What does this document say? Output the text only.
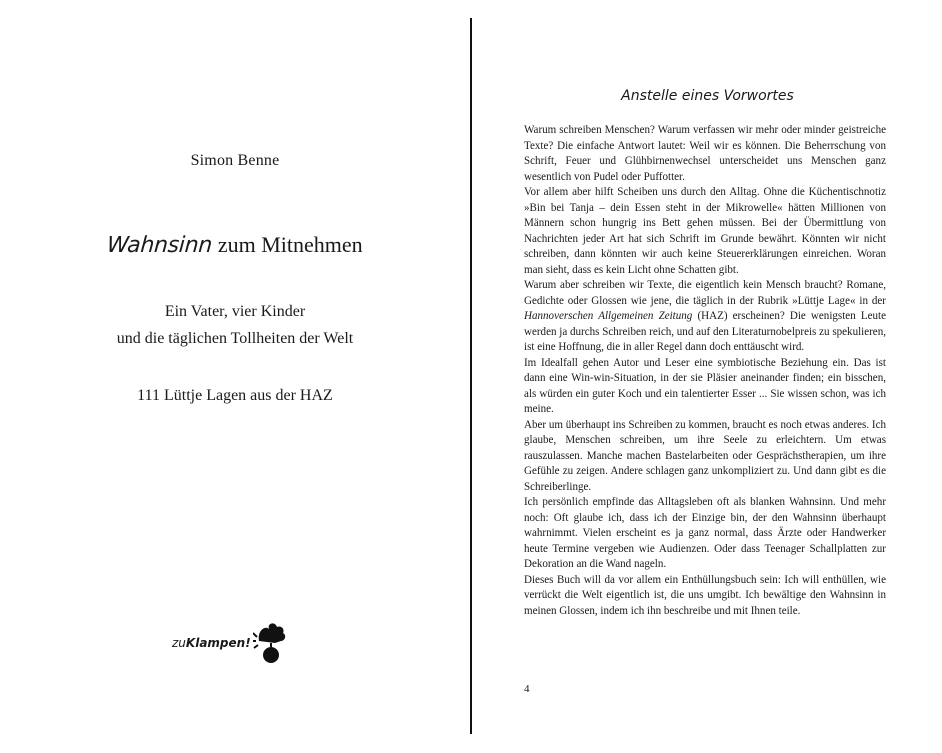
Simon Benne
Wahnsinn zum Mitnehmen
Ein Vater, vier Kinder
und die täglichen Tollheiten der Welt
111 Lüttje Lagen aus der HAZ
zuKlampen!
Anstelle eines Vorwortes

Warum schreiben Menschen? Warum verfassen wir mehr oder minder geistreiche Texte? Die einfache Antwort lautet: Weil wir es können. Die Beherrschung von Schrift, Feuer und Glühbirnenwechsel unterscheidet uns Menschen ganz wesentlich von Pudel oder Puffotter.

Vor allem aber hilft Scheiben uns durch den Alltag. Ohne die Küchentischnotiz »Bin bei Tanja – dein Essen steht in der Mikrowelle« hätten Millionen von Männern schon hungrig ins Bett gehen müssen. Bei der Übermittlung von Nachrichten jeder Art hat sich Schrift im Grunde bewährt. Könnten wir nicht schreiben, dann könnten wir auch keine Steuererklärungen einreichen. Woran man sieht, dass es kein Licht ohne Schatten gibt.

Warum aber schreiben wir Texte, die eigentlich kein Mensch braucht? Romane, Gedichte oder Glossen wie jene, die täglich in der Rubrik »Lüttje Lage« in der Hannoverschen Allgemeinen Zeitung (HAZ) erscheinen? Die wenigsten Leute werden ja durchs Schreiben reich, und auf den Literaturnobelpreis zu spekulieren, ist eine Hoffnung, die in aller Regel dann doch enttäuscht wird.

Im Idealfall gehen Autor und Leser eine symbiotische Beziehung ein. Das ist dann eine Win-win-Situation, in der sie Pläsier aneinander finden; ein bisschen, als würden ein guter Koch und ein talentierter Esser ... Sie wissen schon, was ich meine.

Aber um überhaupt ins Schreiben zu kommen, braucht es noch etwas anderes. Ich glaube, Menschen schreiben, um ihre Seele zu erleichtern. Um etwas rauszulassen. Manche machen Bastelarbeiten oder Gesprächstherapien, um ihre Gefühle zu zeigen. Andere schlagen ganz unkompliziert zu. Und dann gibt es die Schreiberlinge.

Ich persönlich empfinde das Alltagsleben oft als blanken Wahnsinn. Und mehr noch: Oft glaube ich, dass ich der Einzige bin, der den Wahnsinn überhaupt wahrnimmt. Vielen erscheint es ja ganz normal, dass Ärzte oder Handwerker heute Termine vergeben wie Audienzen. Oder dass Teenager Schallplatten zur Dekoration an die Wand nageln.

Dieses Buch will da vor allem ein Enthüllungsbuch sein: Ich will enthüllen, wie verrückt die Welt eigentlich ist, die uns umgibt. Ich bewältige den Wahnsinn in meinen Glossen, indem ich ihn beschreibe und mit Ihnen teile.

4
